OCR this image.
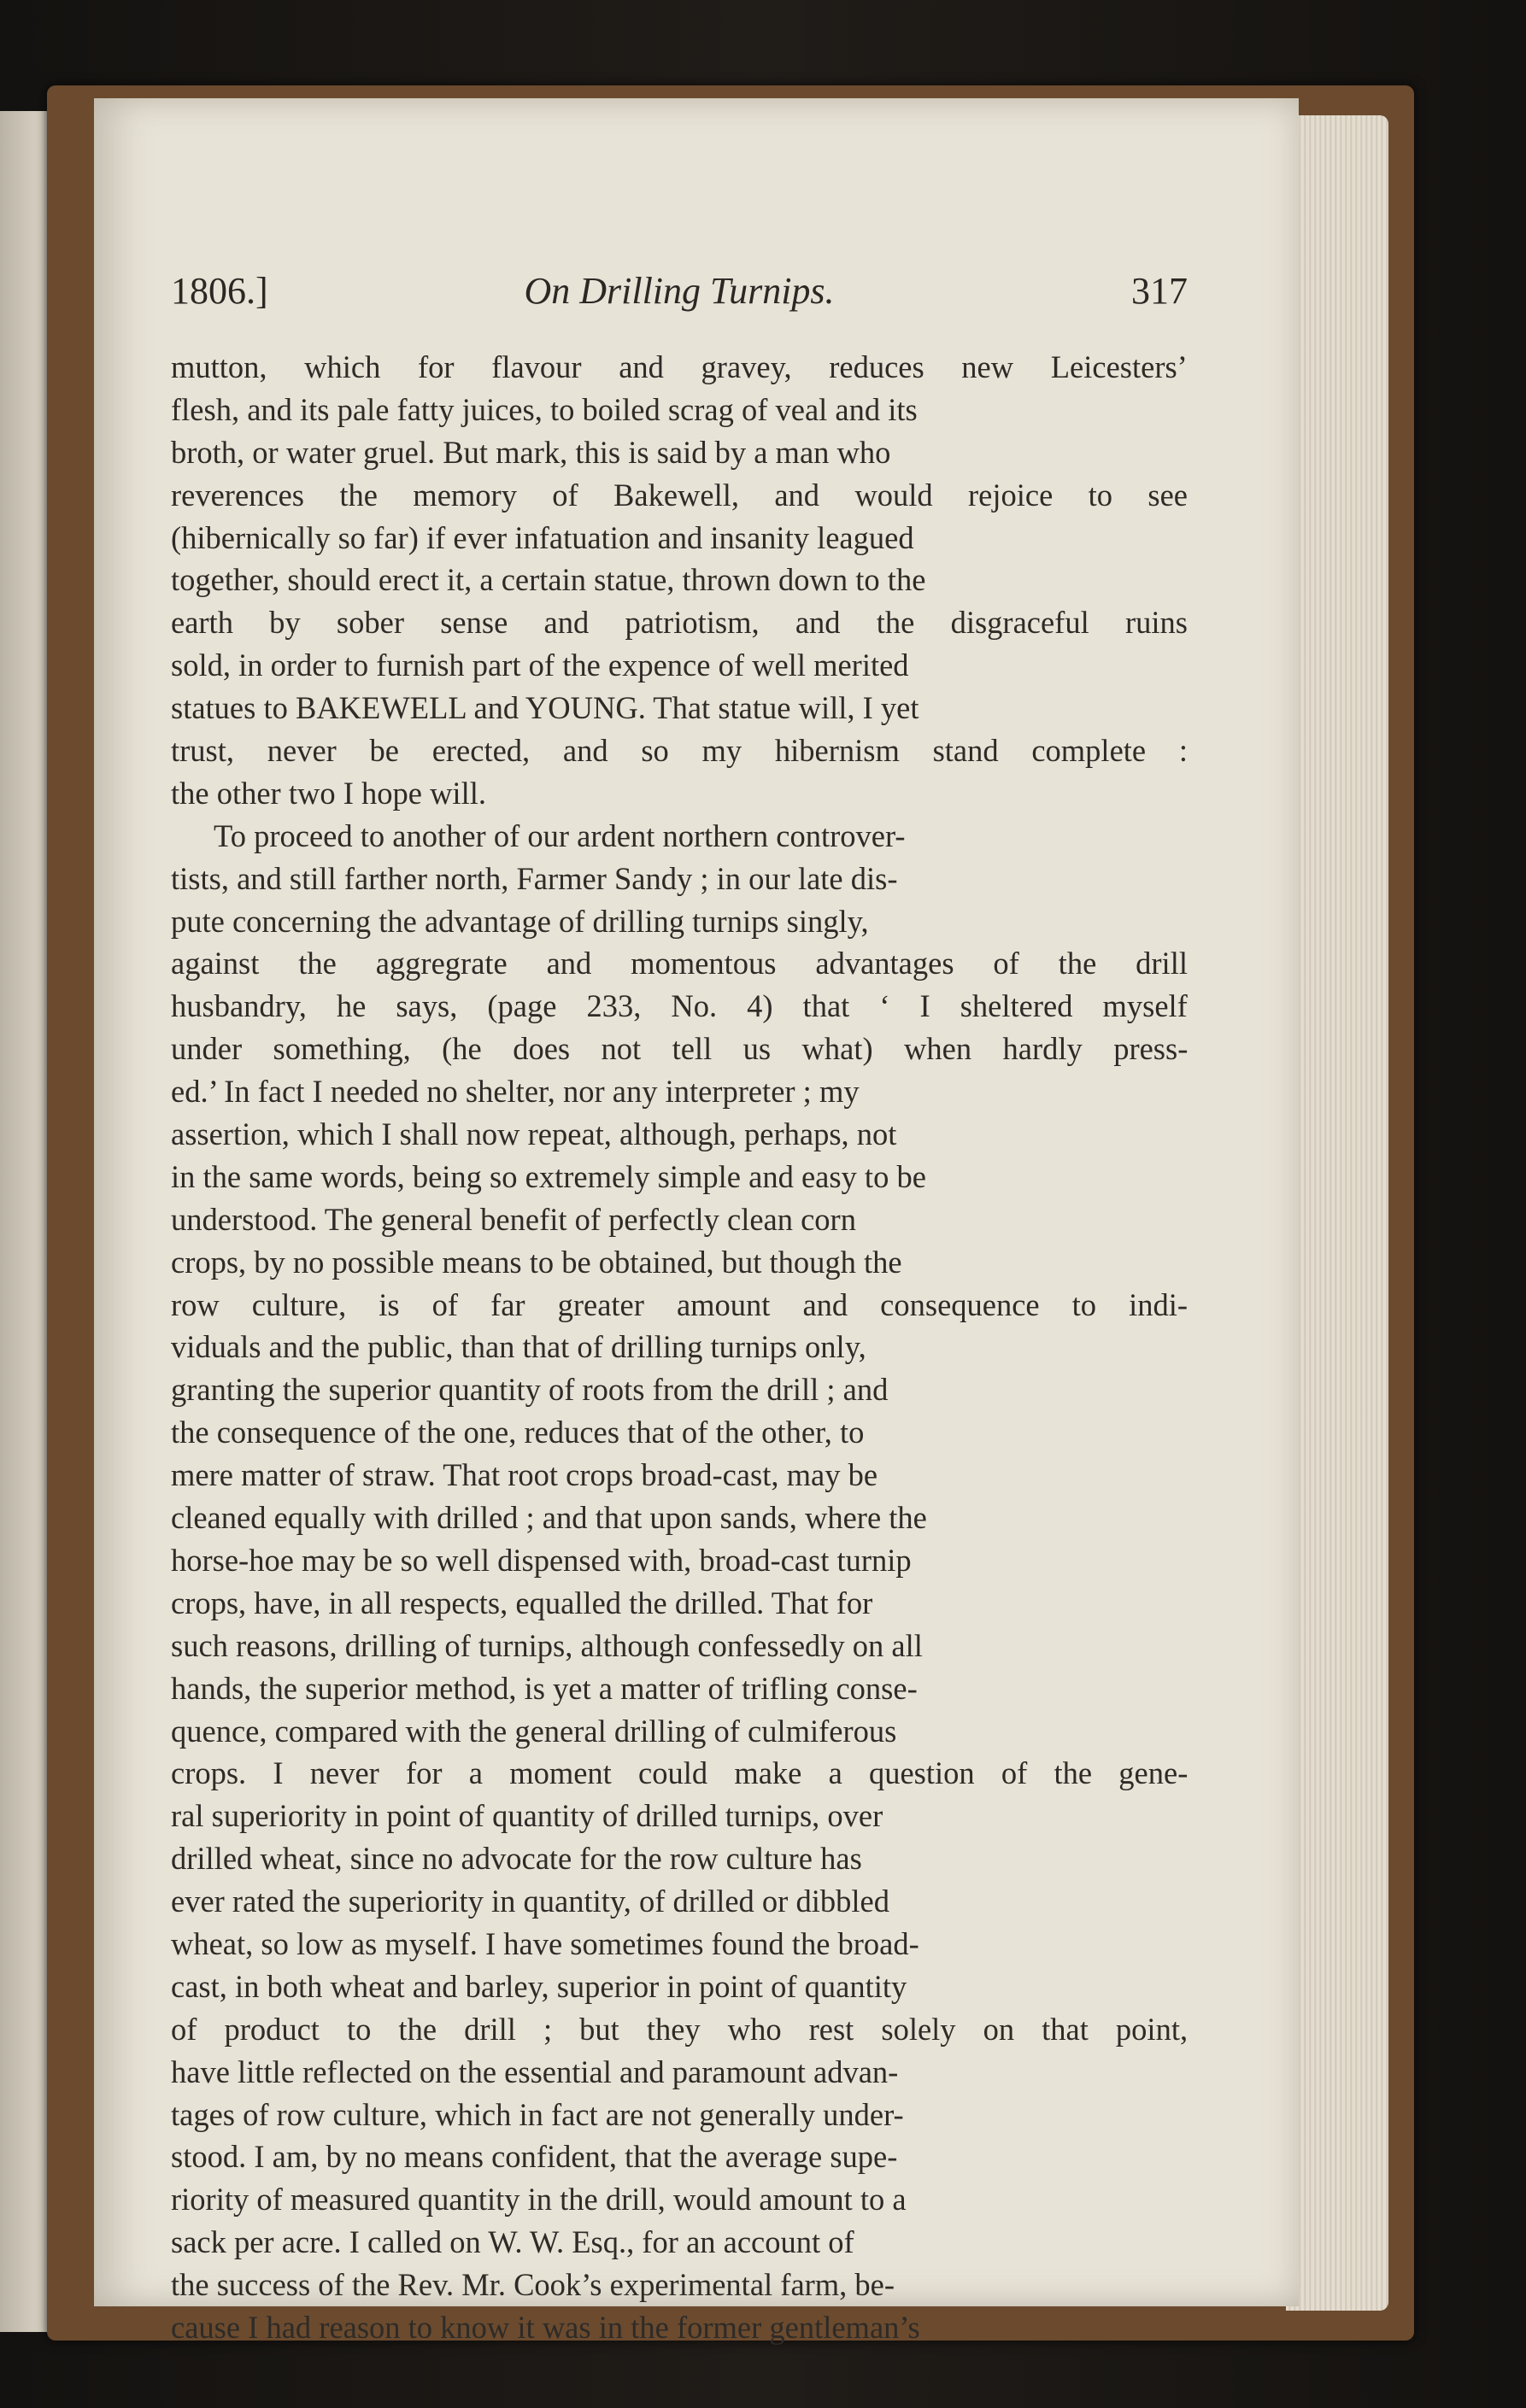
1806.]	On Drilling Turnips.	317
mutton, which for flavour and gravey, reduces new Leicesters’
flesh, and its pale fatty juices, to boiled scrag of veal and its
broth, or water gruel. But mark, this is said by a man who
reverences the memory of Bakewell, and would rejoice to see
(hibernically so far) if ever infatuation and insanity leagued
together, should erect it, a certain statue, thrown down to the
earth by sober sense and patriotism, and the disgraceful ruins
sold, in order to furnish part of the expence of well merited
statues to BAKEWELL and YOUNG. That statue will, I yet
trust, never be erected, and so my hibernism stand complete :
the other two I hope will.
To proceed to another of our ardent northern controver-
tists, and still farther north, Farmer Sandy ; in our late dis-
pute concerning the advantage of drilling turnips singly,
against the aggregrate and momentous advantages of the drill
husbandry, he says, (page 233, No. 4) that ‘ I sheltered myself
under something, (he does not tell us what) when hardly press-
ed.’ In fact I needed no shelter, nor any interpreter ; my
assertion, which I shall now repeat, although, perhaps, not
in the same words, being so extremely simple and easy to be
understood. The general benefit of perfectly clean corn
crops, by no possible means to be obtained, but though the
row culture, is of far greater amount and consequence to indi-
viduals and the public, than that of drilling turnips only,
granting the superior quantity of roots from the drill ; and
the consequence of the one, reduces that of the other, to
mere matter of straw. That root crops broad-cast, may be
cleaned equally with drilled ; and that upon sands, where the
horse-hoe may be so well dispensed with, broad-cast turnip
crops, have, in all respects, equalled the drilled. That for
such reasons, drilling of turnips, although confessedly on all
hands, the superior method, is yet a matter of trifling conse-
quence, compared with the general drilling of culmiferous
crops. I never for a moment could make a question of the gene-
ral superiority in point of quantity of drilled turnips, over
drilled wheat, since no advocate for the row culture has
ever rated the superiority in quantity, of drilled or dibbled
wheat, so low as myself. I have sometimes found the broad-
cast, in both wheat and barley, superior in point of quantity
of product to the drill ; but they who rest solely on that point,
have little reflected on the essential and paramount advan-
tages of row culture, which in fact are not generally under-
stood. I am, by no means confident, that the average supe-
riority of measured quantity in the drill, would amount to a
sack per acre. I called on W. W. Esq., for an account of
the success of the Rev. Mr. Cook’s experimental farm, be-
cause I had reason to know it was in the former gentleman’s
